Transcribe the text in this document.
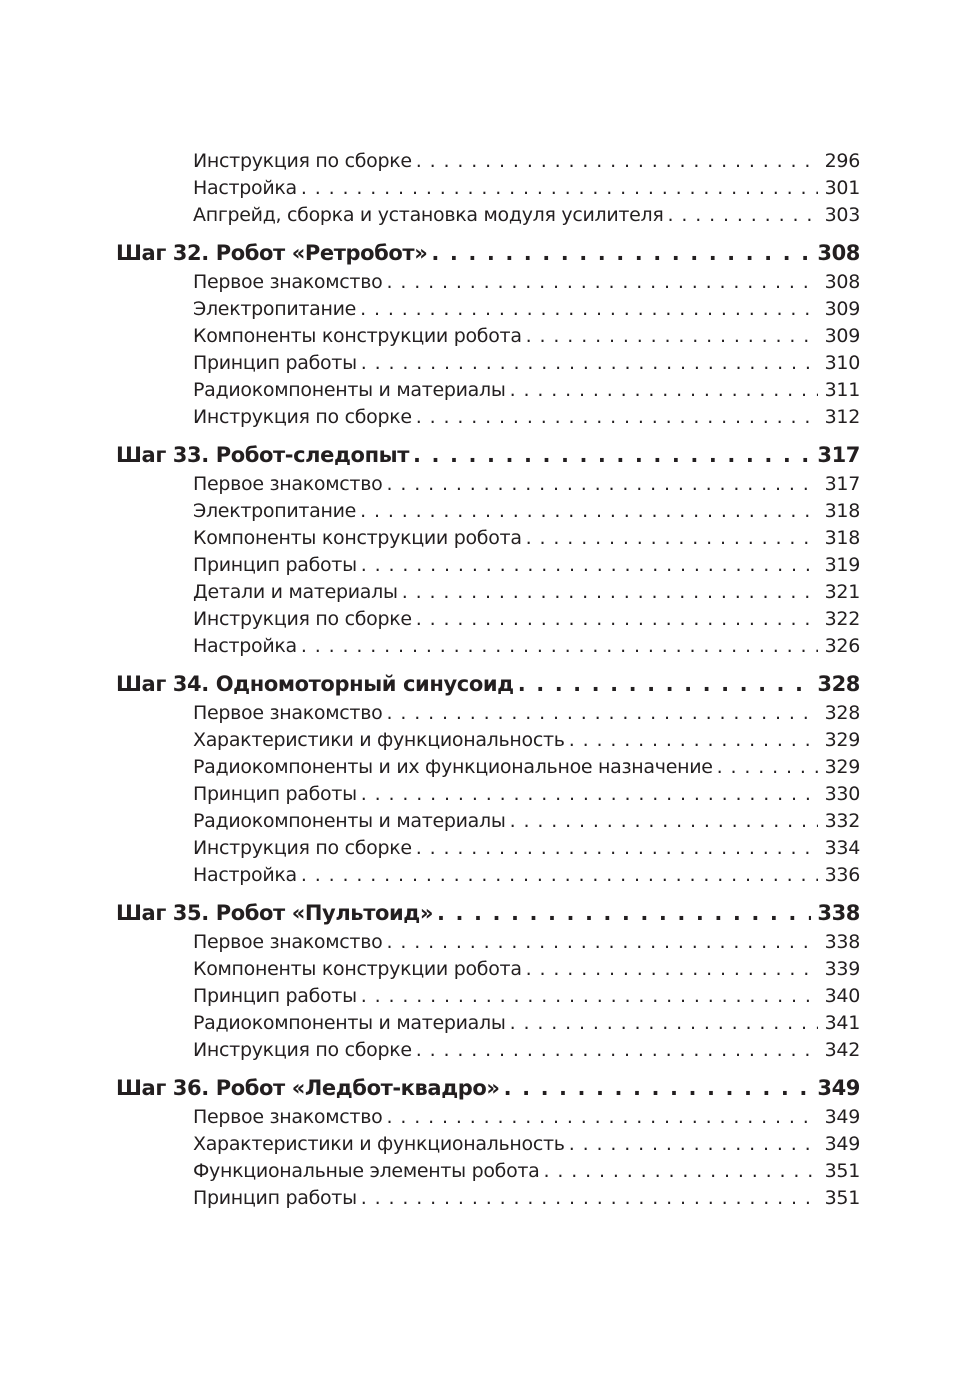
Инструкция по сборке . . .	296
Настройка . . .	301
Апгрейд, сборка и установка модуля усилителя . . .	303
Шаг 32. Робот «Ретробот» . . .	308
Первое знакомство . . .	308
Электропитание . . .	309
Компоненты конструкции робота . . .	309
Принцип работы . . .	310
Радиокомпоненты и материалы . . .	311
Инструкция по сборке . . .	312
Шаг 33. Робот-следопыт . . .	317
Первое знакомство . . .	317
Электропитание . . .	318
Компоненты конструкции робота . . .	318
Принцип работы . . .	319
Детали и материалы . . .	321
Инструкция по сборке . . .	322
Настройка . . .	326
Шаг 34. Одномоторный синусоид . . .	328
Первое знакомство . . .	328
Характеристики и функциональность . . .	329
Радиокомпоненты и их функциональное назначение . . .	329
Принцип работы . . .	330
Радиокомпоненты и материалы . . .	332
Инструкция по сборке . . .	334
Настройка . . .	336
Шаг 35. Робот «Пультоид» . . .	338
Первое знакомство . . .	338
Компоненты конструкции робота . . .	339
Принцип работы . . .	340
Радиокомпоненты и материалы . . .	341
Инструкция по сборке . . .	342
Шаг 36. Робот «Ледбот-квадро» . . .	349
Первое знакомство . . .	349
Характеристики и функциональность . . .	349
Функциональные элементы робота . . .	351
Принцип работы . . .	351
